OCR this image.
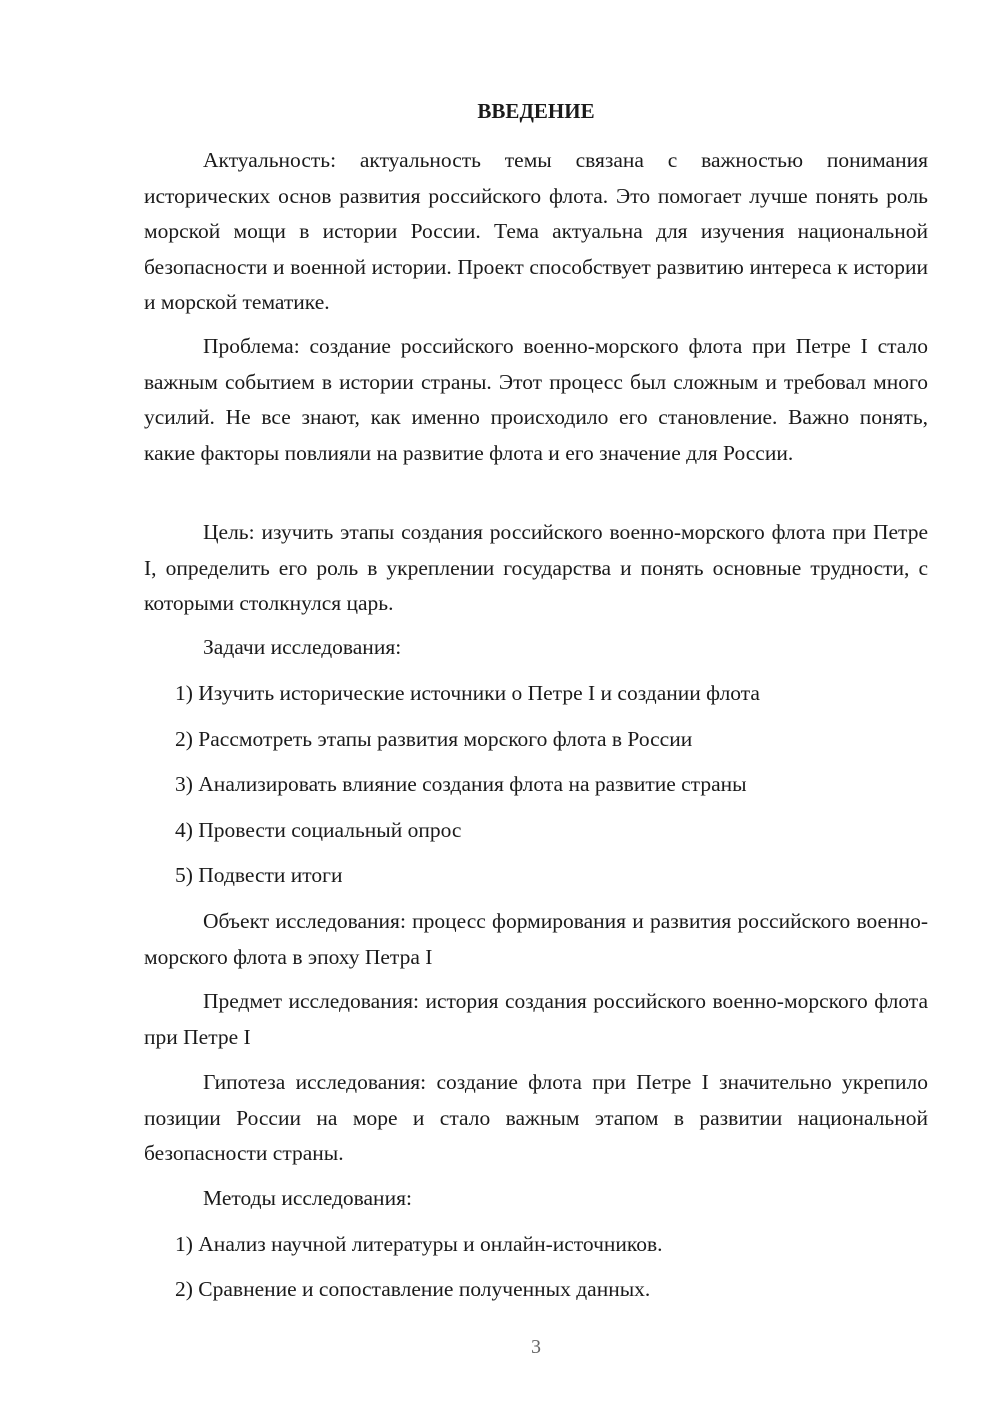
ВВЕДЕНИЕ

Актуальность: актуальность темы связана с важностью понимания исторических основ развития российского флота. Это помогает лучше понять роль морской мощи в истории России. Тема актуальна для изучения национальной безопасности и военной истории. Проект способствует развитию интереса к истории и морской тематике.

Проблема: создание российского военно-морского флота при Петре I стало важным событием в истории страны. Этот процесс был сложным и требовал много усилий. Не все знают, как именно происходило его становление. Важно понять, какие факторы повлияли на развитие флота и его значение для России.

Цель: изучить этапы создания российского военно-морского флота при Петре I, определить его роль в укреплении государства и понять основные трудности, с которыми столкнулся царь.

Задачи исследования:

1) Изучить исторические источники о Петре I и создании флота

2) Рассмотреть этапы развития морского флота в России

3) Анализировать влияние создания флота на развитие страны

4) Провести социальный опрос

5) Подвести итоги

Объект исследования: процесс формирования и развития российского военно-морского флота в эпоху Петра I

Предмет исследования: история создания российского военно-морского флота при Петре I

Гипотеза исследования: создание флота при Петре I значительно укрепило позиции России на море и стало важным этапом в развитии национальной безопасности страны.

Методы исследования:

1) Анализ научной литературы и онлайн-источников.

2) Сравнение и сопоставление полученных данных.

3
